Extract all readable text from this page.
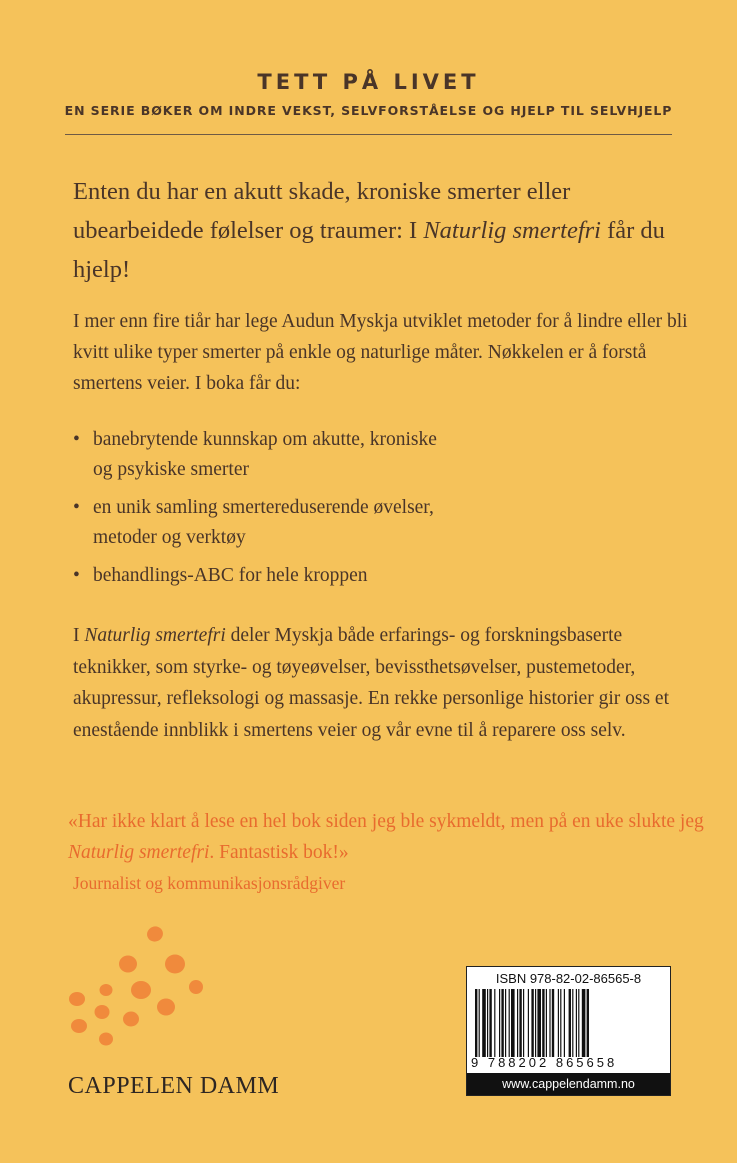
TETT PÅ LIVET
EN SERIE BØKER OM INDRE VEKST, SELVFORSTÅELSE OG HJELP TIL SELVHJELP

Enten du har en akutt skade, kroniske smerter eller ubearbeidede følelser og traumer: I Naturlig smertefri får du hjelp!

I mer enn fire tiår har lege Audun Myskja utviklet metoder for å lindre eller bli kvitt ulike typer smerter på enkle og naturlige måter. Nøkkelen er å forstå smertens veier. I boka får du:

• banebrytende kunnskap om akutte, kroniske
og psykiske smerter
• en unik samling smertereduserende øvelser,
metoder og verktøy
• behandlings-ABC for hele kroppen

I Naturlig smertefri deler Myskja både erfarings- og forskningsbaserte teknikker, som styrke- og tøyeøvelser, bevissthetsøvelser, pustemetoder, akupressur, refleksologi og massasje. En rekke personlige historier gir oss et enestående innblikk i smertens veier og vår evne til å reparere oss selv.

«Har ikke klart å lese en hel bok siden jeg ble sykmeldt, men på en uke slukte jeg Naturlig smertefri. Fantastisk bok!»

Journalist og kommunikasjonsrådgiver

CAPPELEN DAMM
ISBN 978-82-02-86565-8
9 788202 865658
www.cappelendamm.no
